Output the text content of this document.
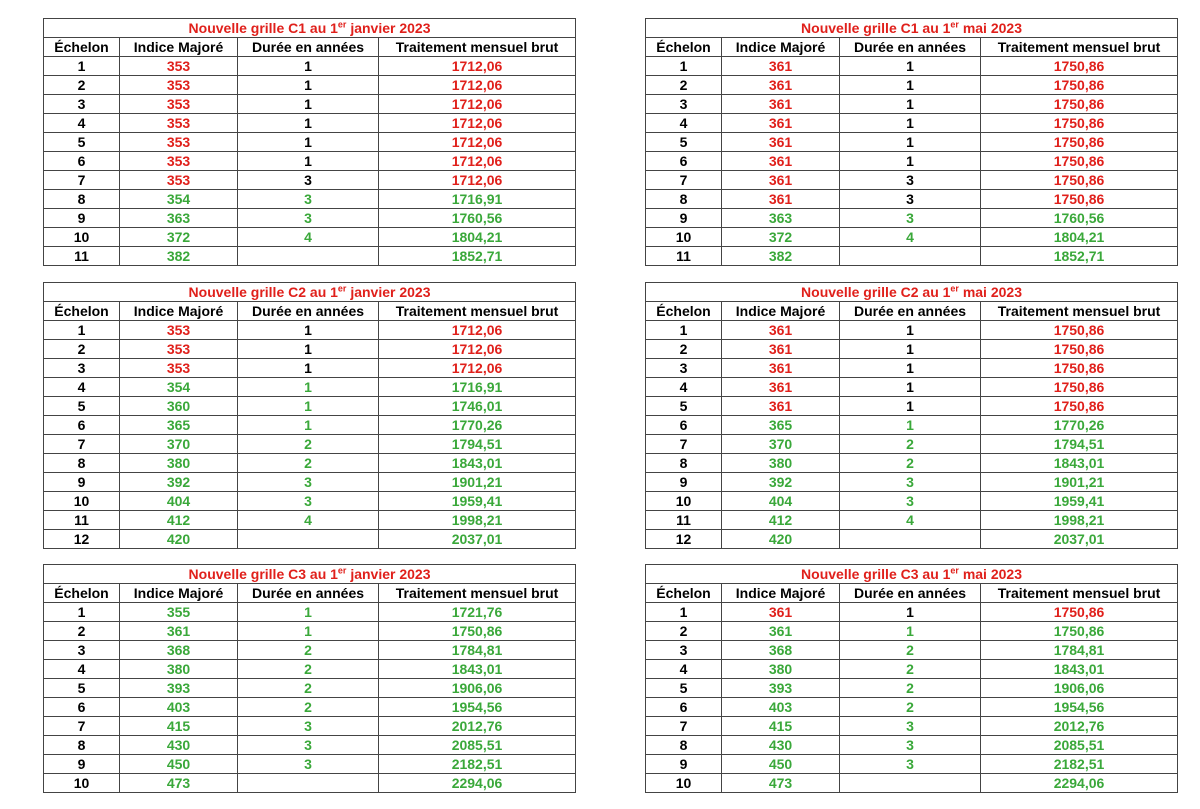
Nouvelle grille C1 au 1er janvier 2023			
Échelon	Indice Majoré	Durée en années	Traitement mensuel brut
1	353	1	1712,06
2	353	1	1712,06
3	353	1	1712,06
4	353	1	1712,06
5	353	1	1712,06
6	353	1	1712,06
7	353	3	1712,06
8	354	3	1716,91
9	363	3	1760,56
10	372	4	1804,21
11	382		1852,71
Nouvelle grille C1 au 1er mai 2023			
Échelon	Indice Majoré	Durée en années	Traitement mensuel brut
1	361	1	1750,86
2	361	1	1750,86
3	361	1	1750,86
4	361	1	1750,86
5	361	1	1750,86
6	361	1	1750,86
7	361	3	1750,86
8	361	3	1750,86
9	363	3	1760,56
10	372	4	1804,21
11	382		1852,71
Nouvelle grille C2 au 1er janvier 2023			
Échelon	Indice Majoré	Durée en années	Traitement mensuel brut
1	353	1	1712,06
2	353	1	1712,06
3	353	1	1712,06
4	354	1	1716,91
5	360	1	1746,01
6	365	1	1770,26
7	370	2	1794,51
8	380	2	1843,01
9	392	3	1901,21
10	404	3	1959,41
11	412	4	1998,21
12	420		2037,01
Nouvelle grille C2 au 1er mai 2023			
Échelon	Indice Majoré	Durée en années	Traitement mensuel brut
1	361	1	1750,86
2	361	1	1750,86
3	361	1	1750,86
4	361	1	1750,86
5	361	1	1750,86
6	365	1	1770,26
7	370	2	1794,51
8	380	2	1843,01
9	392	3	1901,21
10	404	3	1959,41
11	412	4	1998,21
12	420		2037,01
Nouvelle grille C3 au 1er janvier 2023			
Échelon	Indice Majoré	Durée en années	Traitement mensuel brut
1	355	1	1721,76
2	361	1	1750,86
3	368	2	1784,81
4	380	2	1843,01
5	393	2	1906,06
6	403	2	1954,56
7	415	3	2012,76
8	430	3	2085,51
9	450	3	2182,51
10	473		2294,06
Nouvelle grille C3 au 1er mai 2023			
Échelon	Indice Majoré	Durée en années	Traitement mensuel brut
1	361	1	1750,86
2	361	1	1750,86
3	368	2	1784,81
4	380	2	1843,01
5	393	2	1906,06
6	403	2	1954,56
7	415	3	2012,76
8	430	3	2085,51
9	450	3	2182,51
10	473		2294,06
